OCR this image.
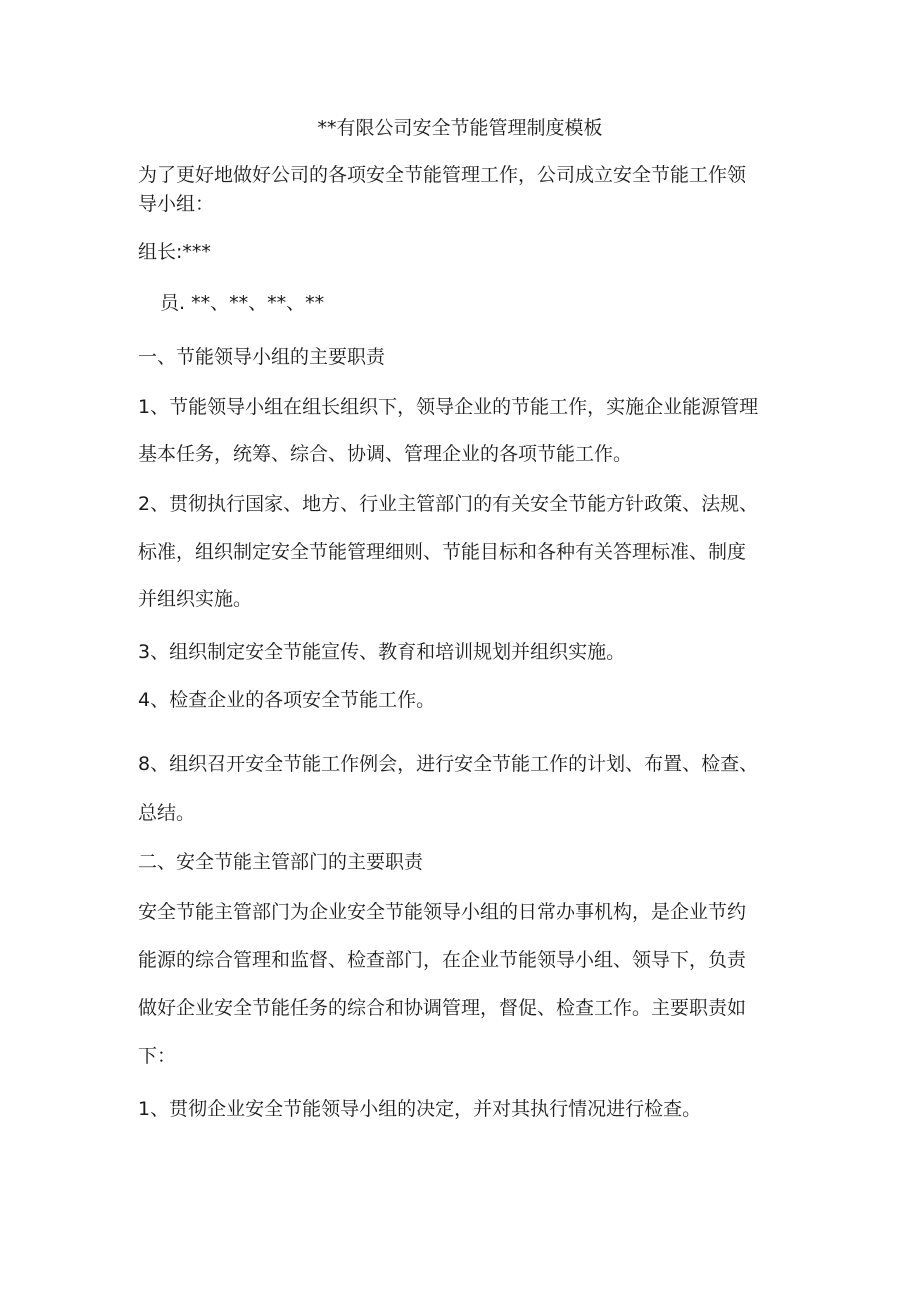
**有限公司安全节能管理制度模板
为了更好地做好公司的各项安全节能管理工作，公司成立安全节能工作领
导小组：
组长:***
员. **、**、**、**
一、节能领导小组的主要职责
1、节能领导小组在组长组织下，领导企业的节能工作，实施企业能源管理
基本任务，统筹、综合、协调、管理企业的各项节能工作。
2、贯彻执行国家、地方、行业主管部门的有关安全节能方针政策、法规、
标准，组织制定安全节能管理细则、节能目标和各种有关答理标准、制度
并组织实施。
3、组织制定安全节能宣传、教育和培训规划并组织实施。
4、检查企业的各项安全节能工作。
8、组织召开安全节能工作例会，进行安全节能工作的计划、布置、检查、
总结。
二、安全节能主管部门的主要职责
安全节能主管部门为企业安全节能领导小组的日常办事机构，是企业节约
能源的综合管理和监督、检查部门，在企业节能领导小组、领导下，负责
做好企业安全节能任务的综合和协调管理，督促、检查工作。主要职责如
下：
1、贯彻企业安全节能领导小组的决定，并对其执行情况进行检查。
